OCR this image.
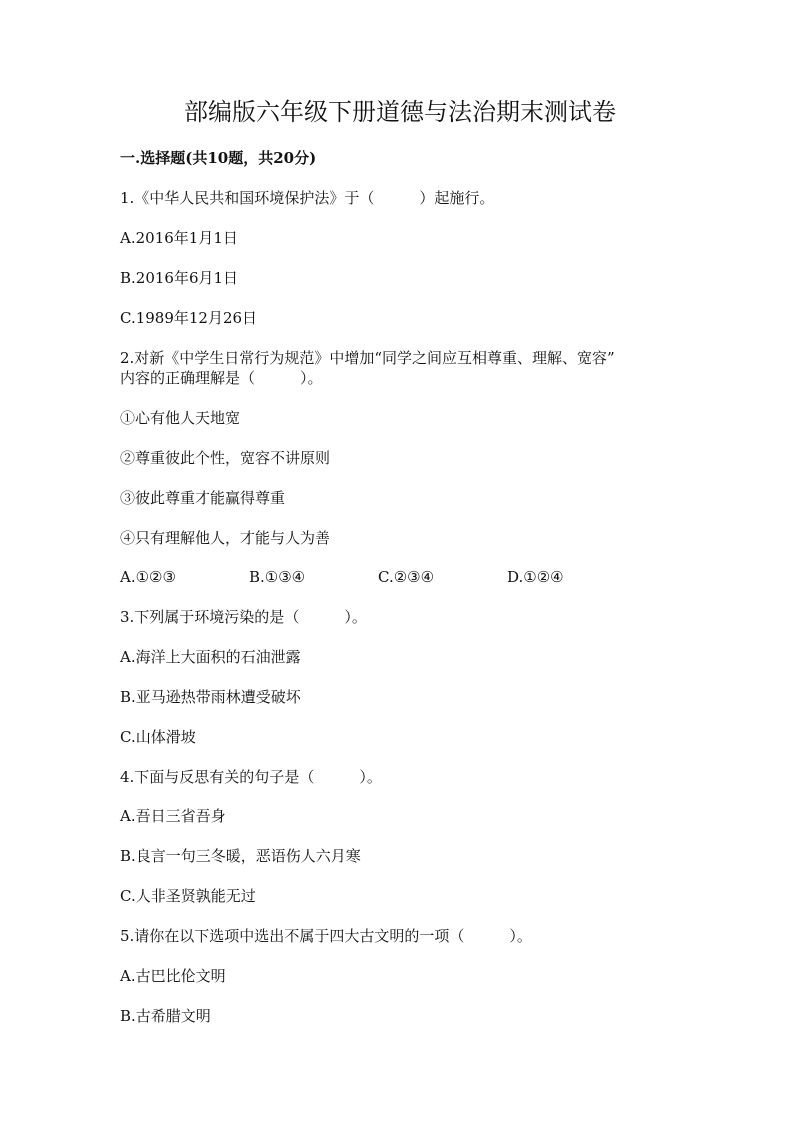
部编版六年级下册道德与法治期末测试卷
一.选择题(共10题，共20分)
1.《中华人民共和国环境保护法》于（　　　）起施行。
A.2016年1月1日
B.2016年6月1日
C.1989年12月26日
2.对新《中学生日常行为规范》中增加“同学之间应互相尊重、理解、宽容”
内容的正确理解是（　　　）。
①心有他人天地宽
②尊重彼此个性，宽容不讲原则
③彼此尊重才能赢得尊重
④只有理解他人，才能与人为善
A.①②③	B.①③④	C.②③④	D.①②④
3.下列属于环境污染的是（　　　）。
A.海洋上大面积的石油泄露
B.亚马逊热带雨林遭受破坏
C.山体滑坡
4.下面与反思有关的句子是（　　　）。
A.吾日三省吾身
B.良言一句三冬暖，恶语伤人六月寒
C.人非圣贤孰能无过
5.请你在以下选项中选出不属于四大古文明的一项（　　　）。
A.古巴比伦文明
B.古希腊文明
